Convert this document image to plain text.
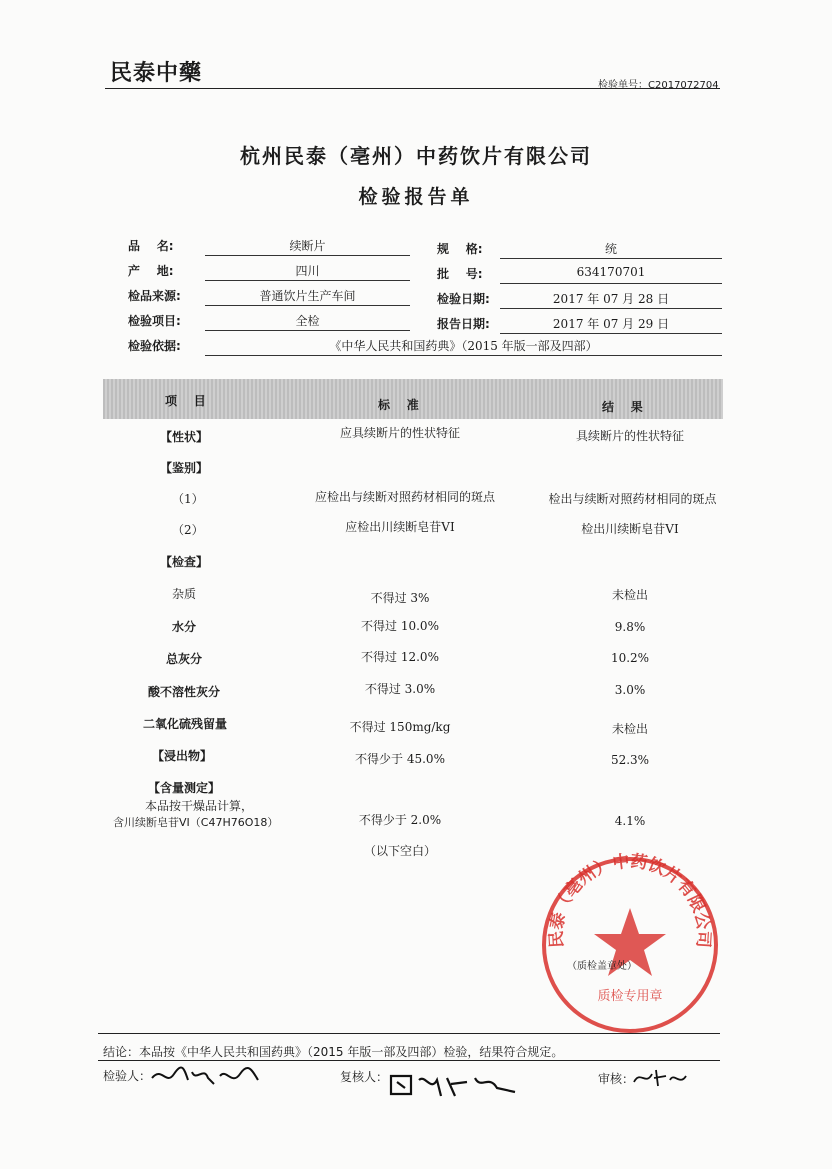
民泰中藥	检验单号：C2017072704
杭州民泰（亳州）中药饮片有限公司
检验报告单
品    名:	续断片	规    格:	统
产    地:	四川	批    号:	634170701
检品来源:	普通饮片生产车间	检验日期:	2017 年 07 月 28 日
检验项目:	全检	报告日期:	2017 年 07 月 29 日
检验依据:	《中华人民共和国药典》（2015 年版一部及四部）
项    目	标    准	结    果
【性状】	应具续断片的性状特征	具续断片的性状特征
【鉴别】
（1）	应检出与续断对照药材相同的斑点	检出与续断对照药材相同的斑点
（2）	应检出川续断皂苷VI	检出川续断皂苷VI
【检查】
杂质	不得过 3%	未检出
水分	不得过 10.0%	9.8%
总灰分	不得过 12.0%	10.2%
酸不溶性灰分	不得过 3.0%	3.0%
二氧化硫残留量	不得过 150mg/kg	未检出
【浸出物】	不得少于 45.0%	52.3%
【含量测定】
本品按干燥品计算，
含川续断皂苷VI（C47H76O18）	不得少于 2.0%	4.1%
（以下空白）
民泰（亳州）中药饮片有限公司
质检专用章
（质检盖章处）
结论：本品按《中华人民共和国药典》（2015 年版一部及四部）检验，结果符合规定。
检验人：	复核人：	审核：
